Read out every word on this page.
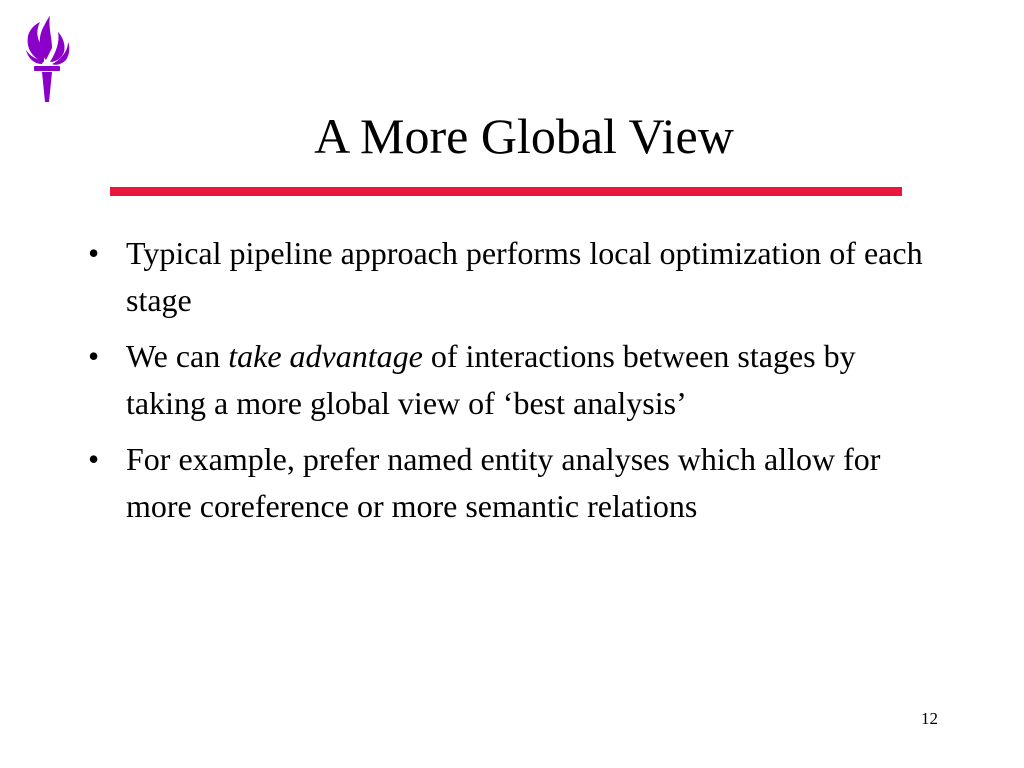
A More Global View
• Typical pipeline approach performs local optimization of each stage
• We can take advantage of interactions between stages by taking a more global view of ‘best analysis’
• For example, prefer named entity analyses which allow for more coreference or more semantic relations
12
